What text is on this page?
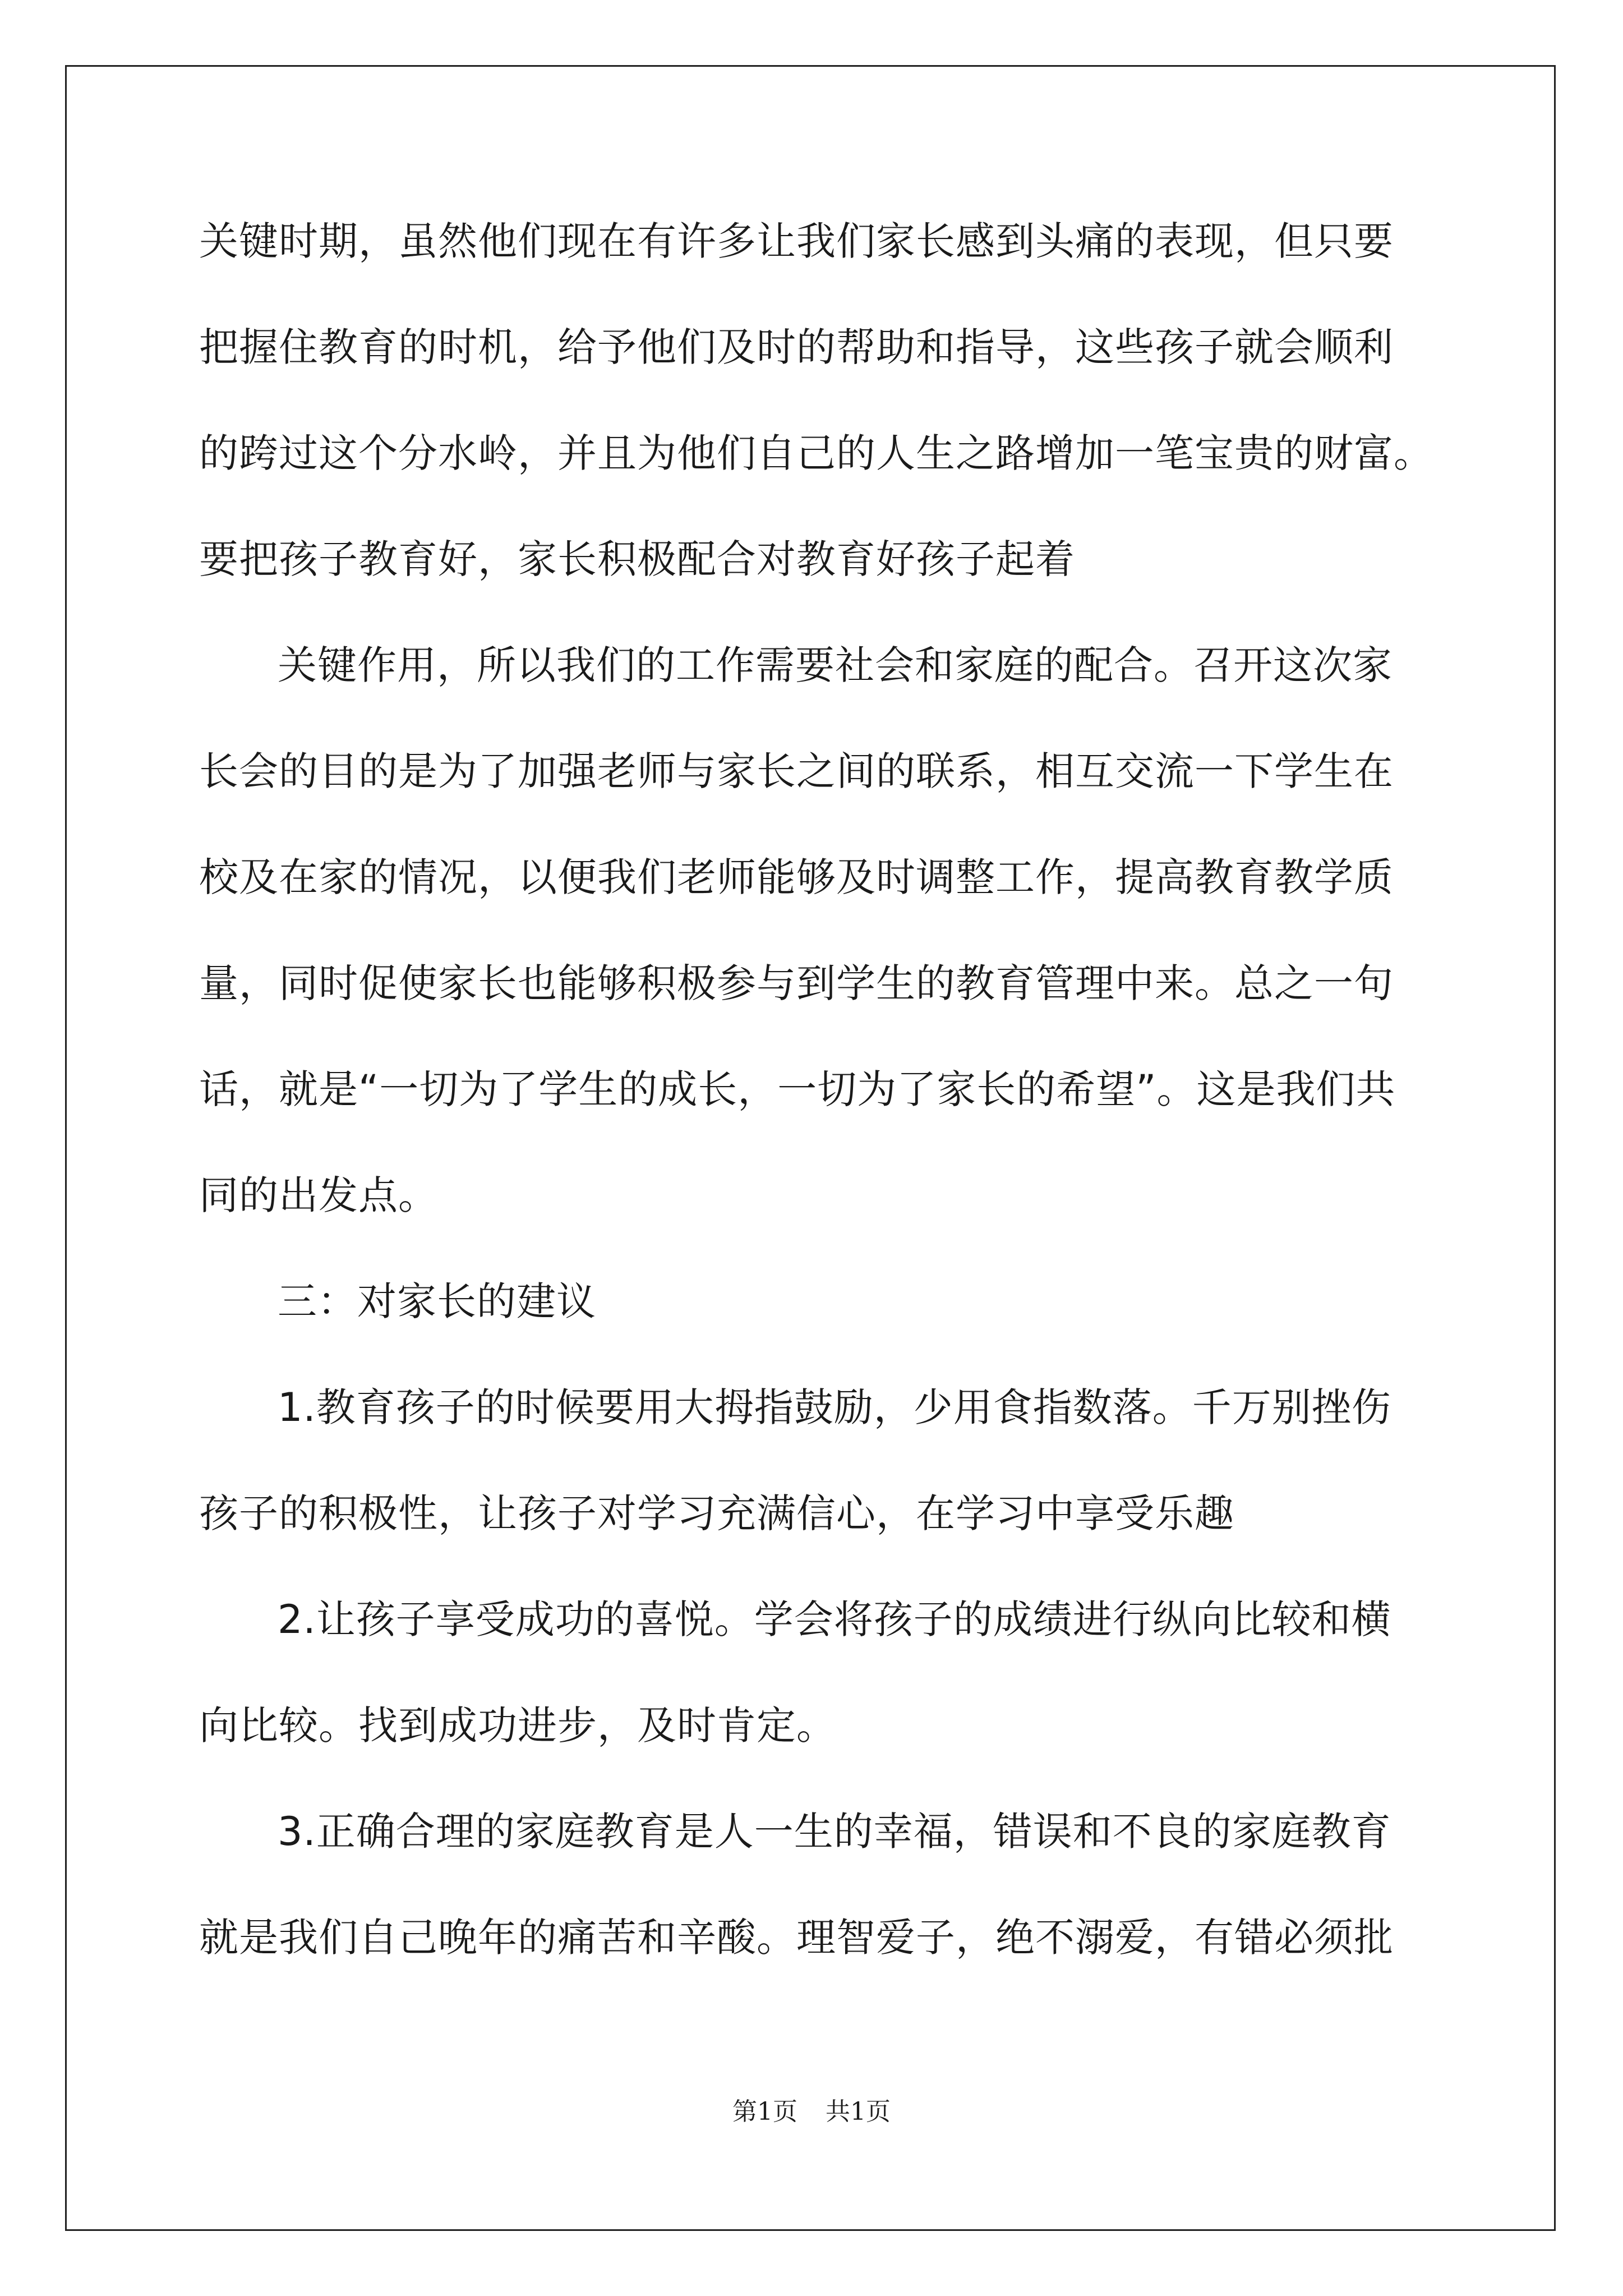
关键时期，虽然他们现在有许多让我们家长感到头痛的表现，但只要

把握住教育的时机，给予他们及时的帮助和指导，这些孩子就会顺利

的跨过这个分水岭，并且为他们自己的人生之路增加一笔宝贵的财富。

要把孩子教育好，家长积极配合对教育好孩子起着

关键作用，所以我们的工作需要社会和家庭的配合。召开这次家

长会的目的是为了加强老师与家长之间的联系，相互交流一下学生在

校及在家的情况，以便我们老师能够及时调整工作，提高教育教学质

量，同时促使家长也能够积极参与到学生的教育管理中来。总之一句

话，就是“一切为了学生的成长，一切为了家长的希望”。这是我们共

同的出发点。

三：对家长的建议

1.教育孩子的时候要用大拇指鼓励，少用食指数落。千万别挫伤

孩子的积极性，让孩子对学习充满信心，在学习中享受乐趣

2.让孩子享受成功的喜悦。学会将孩子的成绩进行纵向比较和横

向比较。找到成功进步，及时肯定。

3.正确合理的家庭教育是人一生的幸福，错误和不良的家庭教育

就是我们自己晚年的痛苦和辛酸。理智爱子，绝不溺爱，有错必须批

第1页 共1页
